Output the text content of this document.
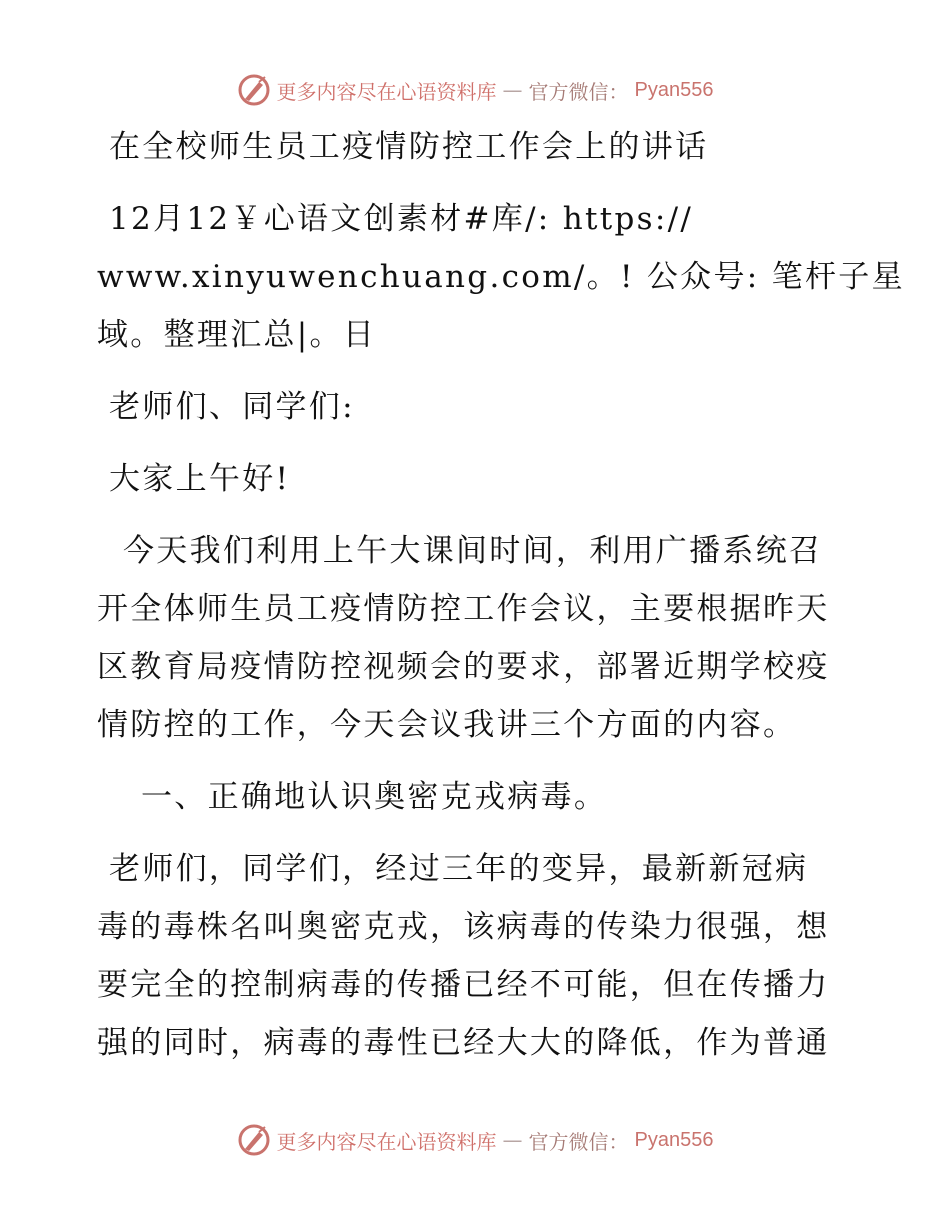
更多内容尽在心语资料库 — 官方微信： Pyan556

在全校师生员工疫情防控工作会上的讲话

12月12￥心语文创素材#库/: https://

www.xinyuwenchuang.com/。! 公众号: 笔杆子星

域。整理汇总|。日

老师们、同学们:

大家上午好!

今天我们利用上午大课间时间，利用广播系统召

开全体师生员工疫情防控工作会议，主要根据昨天

区教育局疫情防控视频会的要求，部署近期学校疫

情防控的工作，今天会议我讲三个方面的内容。

一、正确地认识奥密克戎病毒。

老师们，同学们，经过三年的变异，最新新冠病

毒的毒株名叫奥密克戎，该病毒的传染力很强，想

要完全的控制病毒的传播已经不可能，但在传播力

强的同时，病毒的毒性已经大大的降低，作为普通

更多内容尽在心语资料库 — 官方微信： Pyan556
